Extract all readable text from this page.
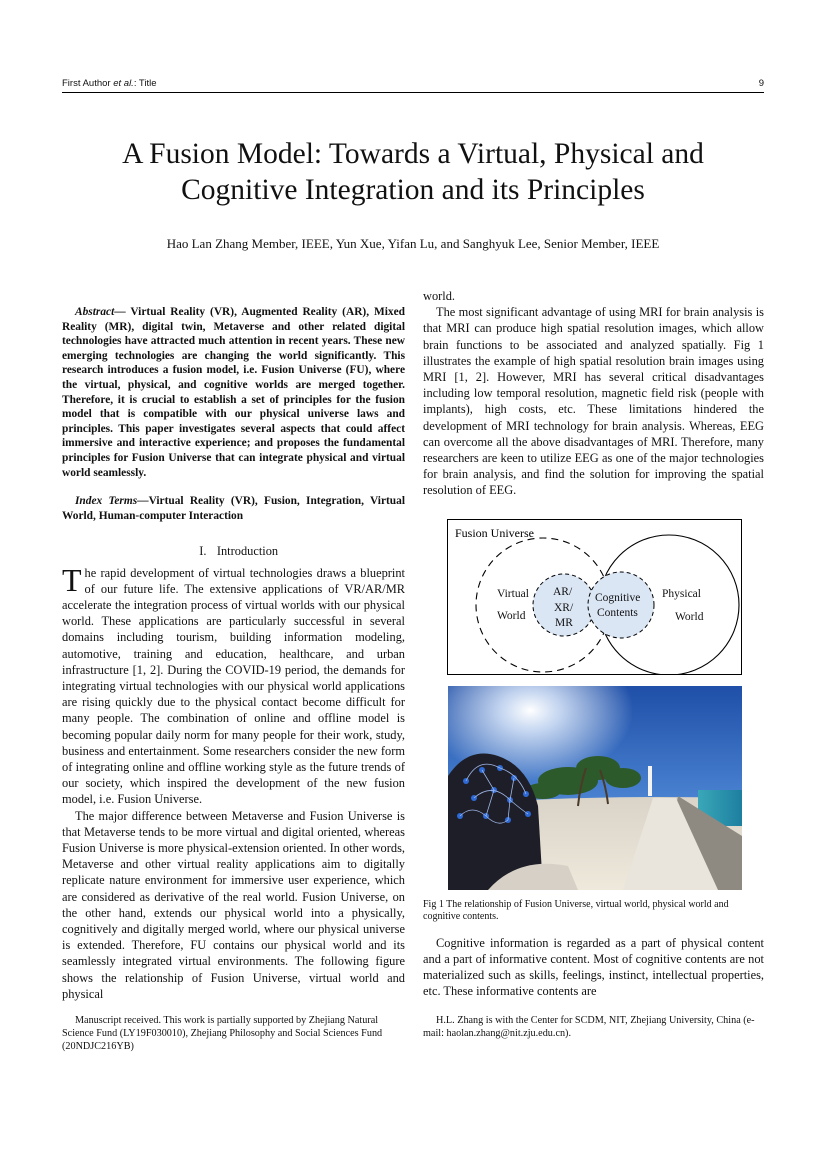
First Author et al.: Title	9
A Fusion Model: Towards a Virtual, Physical and
Cognitive Integration and its Principles
Hao Lan Zhang Member, IEEE, Yun Xue, Yifan Lu, and Sanghyuk Lee, Senior Member, IEEE

Abstract— Virtual Reality (VR), Augmented Reality (AR), Mixed Reality (MR), digital twin, Metaverse and other related digital technologies have attracted much attention in recent years. These new emerging technologies are changing the world significantly. This research introduces a fusion model, i.e. Fusion Universe (FU), where the virtual, physical, and cognitive worlds are merged together. Therefore, it is crucial to establish a set of principles for the fusion model that is compatible with our physical universe laws and principles. This paper investigates several aspects that could affect immersive and interactive experience; and proposes the fundamental principles for Fusion Universe that can integrate physical and virtual world seamlessly.

Index Terms—Virtual Reality (VR), Fusion, Integration, Virtual World, Human-computer Interaction

I. Introduction

The rapid development of virtual technologies draws a blueprint of our future life. The extensive applications of VR/AR/MR accelerate the integration process of virtual worlds with our physical world. These applications are particularly successful in several domains including tourism, building information modeling, automotive, training and education, healthcare, and urban infrastructure [1, 2]. During the COVID-19 period, the demands for integrating virtual technologies with our physical world applications are rising quickly due to the physical contact become difficult for many people. The combination of online and offline model is becoming popular daily norm for many people for their work, study, business and entertainment. Some researchers consider the new form of integrating online and offline working style as the future trends of our society, which inspired the development of the new fusion model, i.e. Fusion Universe.

The major difference between Metaverse and Fusion Universe is that Metaverse tends to be more virtual and digital oriented, whereas Fusion Universe is more physical-extension oriented. In other words, Metaverse and other virtual reality applications aim to digitally replicate nature environment for immersive user experience, which are considered as derivative of the real world. Fusion Universe, on the other hand, extends our physical world into a physically, cognitively and digitally merged world, where our physical universe is extended. Therefore, FU contains our physical world and its seamlessly integrated virtual environments. The following figure shows the relationship of Fusion Universe, virtual world and physical

world.

The most significant advantage of using MRI for brain analysis is that MRI can produce high spatial resolution images, which allow brain functions to be associated and analyzed spatially. Fig 1 illustrates the example of high spatial resolution brain images using MRI [1, 2]. However, MRI has several critical disadvantages including low temporal resolution, magnetic field risk (people with implants), high costs, etc. These limitations hindered the development of MRI technology for brain analysis. Whereas, EEG can overcome all the above disadvantages of MRI. Therefore, many researchers are keen to utilize EEG as one of the major technologies for brain analysis, and find the solution for improving the spatial resolution of EEG.

Fusion Universe
Virtual
World
AR/
XR/
MR
Cognitive
Contents
Physical
World

Fig 1 The relationship of Fusion Universe, virtual world, physical world and cognitive contents.

Cognitive information is regarded as a part of physical content and a part of informative content. Most of cognitive contents are not materialized such as skills, feelings, instinct, intellectual properties, etc. These informative contents are

Manuscript received. This work is partially supported by Zhejiang Natural Science Fund (LY19F030010), Zhejiang Philosophy and Social Sciences Fund (20NDJC216YB)
H.L. Zhang is with the Center for SCDM, NIT, Zhejiang University, China (e-mail: haolan.zhang@nit.zju.edu.cn).
